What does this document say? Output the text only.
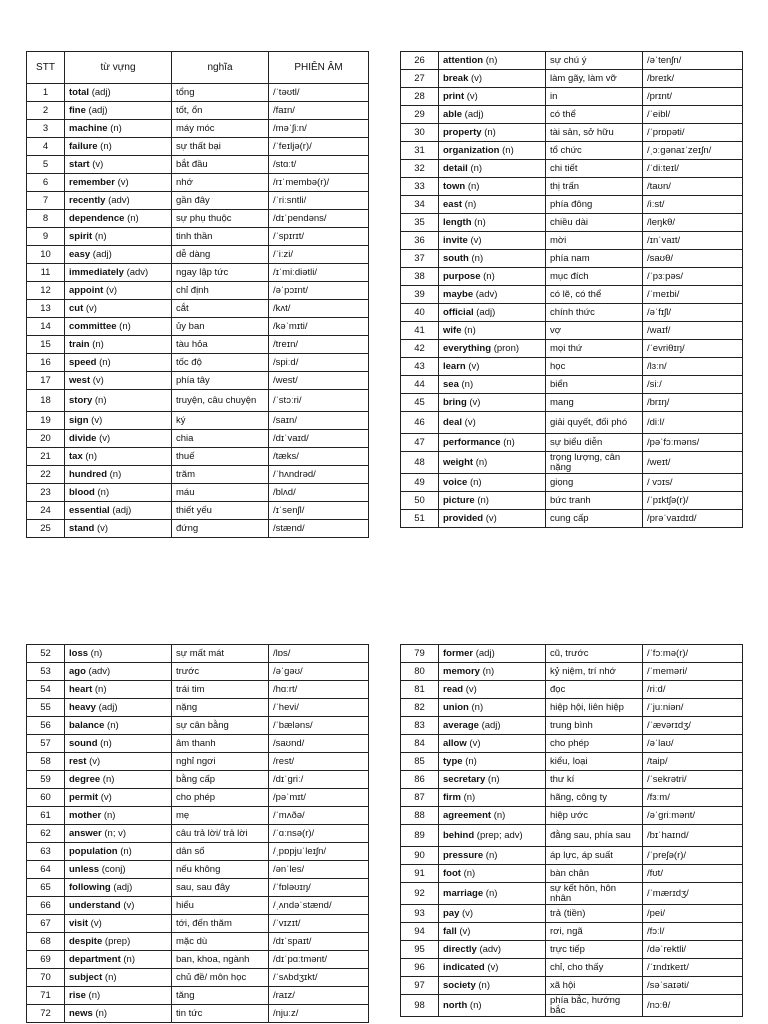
STT	từ vựng	nghĩa	PHIÊN ÂM
1	total (adj)	tổng	/ˈtəʊtl/
2	fine (adj)	tốt, ổn	/faɪn/
3	machine (n)	máy móc	/məˈʃiːn/
4	failure (n)	sự thất bại	/ˈfeɪljə(r)/
5	start (v)	bắt đầu	/stɑːt/
6	remember (v)	nhớ	/rɪˈmembə(r)/
7	recently (adv)	gần đây	/ˈriːsntli/
8	dependence (n)	sự phụ thuộc	/dɪˈpendəns/
9	spirit (n)	tinh thần	/ˈspɪrɪt/
10	easy (adj)	dễ dàng	/ˈiːzi/
11	immediately (adv)	ngay lập tức	/ɪˈmiːdiətli/
12	appoint (v)	chỉ định	/əˈpɔɪnt/
13	cut (v)	cắt	/kʌt/
14	committee (n)	ủy ban	/kəˈmɪti/
15	train (n)	tàu hỏa	/treɪn/
16	speed (n)	tốc độ	/spiːd/
17	west (v)	phía tây	/west/
18	story (n)	truyện, câu chuyện	/ˈstɔːri/
19	sign (v)	ký	/saɪn/
20	divide (v)	chia	/dɪˈvaɪd/
21	tax (n)	thuế	/tæks/
22	hundred (n)	trăm	/ˈhʌndrəd/
23	blood (n)	máu	/blʌd/
24	essential (adj)	thiết yếu	/ɪˈsenʃl/
25	stand (v)	đứng	/stænd/
26	attention (n)	sự chú ý	/əˈtenʃn/
27	break (v)	làm gãy, làm vỡ	/breɪk/
28	print (v)	in	/prɪnt/
29	able (adj)	có thể	/ˈeibl/
30	property (n)	tài sản, sở hữu	/ˈprɒpəti/
31	organization (n)	tổ chức	/ˌɔːɡənaɪˈzeɪʃn/
32	detail (n)	chi tiết	/ˈdiːteɪl/
33	town (n)	thị trấn	/taʊn/
34	east (n)	phía đông	/iːst/
35	length (n)	chiều dài	/leŋkθ/
36	invite (v)	mời	/ɪnˈvaɪt/
37	south (n)	phía nam	/saʊθ/
38	purpose (n)	mục đích	/ˈpɜːpəs/
39	maybe (adv)	có lẽ, có thể	/ˈmeɪbi/
40	official (adj)	chính thức	/əˈfɪʃl/
41	wife (n)	vợ	/waɪf/
42	everything (pron)	mọi thứ	/ˈevriθɪŋ/
43	learn (v)	học	/lɜːn/
44	sea (n)	biển	/siː/
45	bring (v)	mang	/brɪŋ/
46	deal (v)	giải quyết, đối phó	/diːl/
47	performance (n)	sự biểu diễn	/pəˈfɔːməns/
48	weight (n)	trọng lượng, cân nặng	/weɪt/
49	voice (n)	giọng	/ vɔɪs/
50	picture (n)	bức tranh	/ˈpɪktʃə(r)/
51	provided (v)	cung cấp	/prəˈvaɪdɪd/
52	loss (n)	sự mất mát	/lɒs/
53	ago (adv)	trước	/əˈɡəʊ/
54	heart (n)	trái tim	/hɑːrt/
55	heavy (adj)	nặng	/ˈhevi/
56	balance (n)	sự cân bằng	/ˈbæləns/
57	sound (n)	âm thanh	/saʊnd/
58	rest (v)	nghỉ ngơi	/rest/
59	degree (n)	bằng cấp	/dɪˈɡriː/
60	permit (v)	cho phép	/pəˈmɪt/
61	mother (n)	mẹ	/ˈmʌðə/
62	answer (n; v)	câu trả lời/ trả lời	/ˈɑːnsə(r)/
63	population (n)	dân số	/ˌpɒpjuˈleɪʃn/
64	unless (conj)	nếu không	/ənˈles/
65	following (adj)	sau, sau đây	/ˈfɒləʊɪŋ/
66	understand (v)	hiểu	/ˌʌndəˈstænd/
67	visit (v)	tới, đến thăm	/ˈvɪzɪt/
68	despite (prep)	mặc dù	/dɪˈspaɪt/
69	department (n)	ban, khoa, ngành	/dɪˈpɑːtmənt/
70	subject (n)	chủ đề/ môn học	/ˈsʌbdʒɪkt/
71	rise (n)	tăng	/raɪz/
72	news (n)	tin tức	/njuːz/
79	former (adj)	cũ, trước	/ˈfɔːmə(r)/
80	memory (n)	kỷ niệm, trí nhớ	/ˈmeməri/
81	read (v)	đọc	/riːd/
82	union (n)	hiệp hội, liên hiệp	/ˈjuːniən/
83	average (adj)	trung bình	/ˈævərɪdʒ/
84	allow (v)	cho phép	/əˈlaʊ/
85	type (n)	kiểu, loại	/taip/
86	secretary (n)	thư kí	/ˈsekrətri/
87	firm (n)	hãng, công ty	/fɜːm/
88	agreement (n)	hiệp ước	/əˈɡriːmənt/
89	behind (prep; adv)	đằng sau, phía sau	/bɪˈhaɪnd/
90	pressure (n)	áp lực, áp suất	/ˈpreʃə(r)/
91	foot (n)	bàn chân	/fʊt/
92	marriage (n)	sự kết hôn, hôn nhân	/ˈmærɪdʒ/
93	pay (v)	trả (tiền)	/pei/
94	fall (v)	rơi, ngã	/fɔːl/
95	directly (adv)	trực tiếp	/dəˈrektli/
96	indicated (v)	chỉ, cho thấy	/ˈɪndɪkeɪt/
97	society (n)	xã hội	/səˈsaɪəti/
98	north (n)	phía bắc, hướng bắc	/nɔːθ/
